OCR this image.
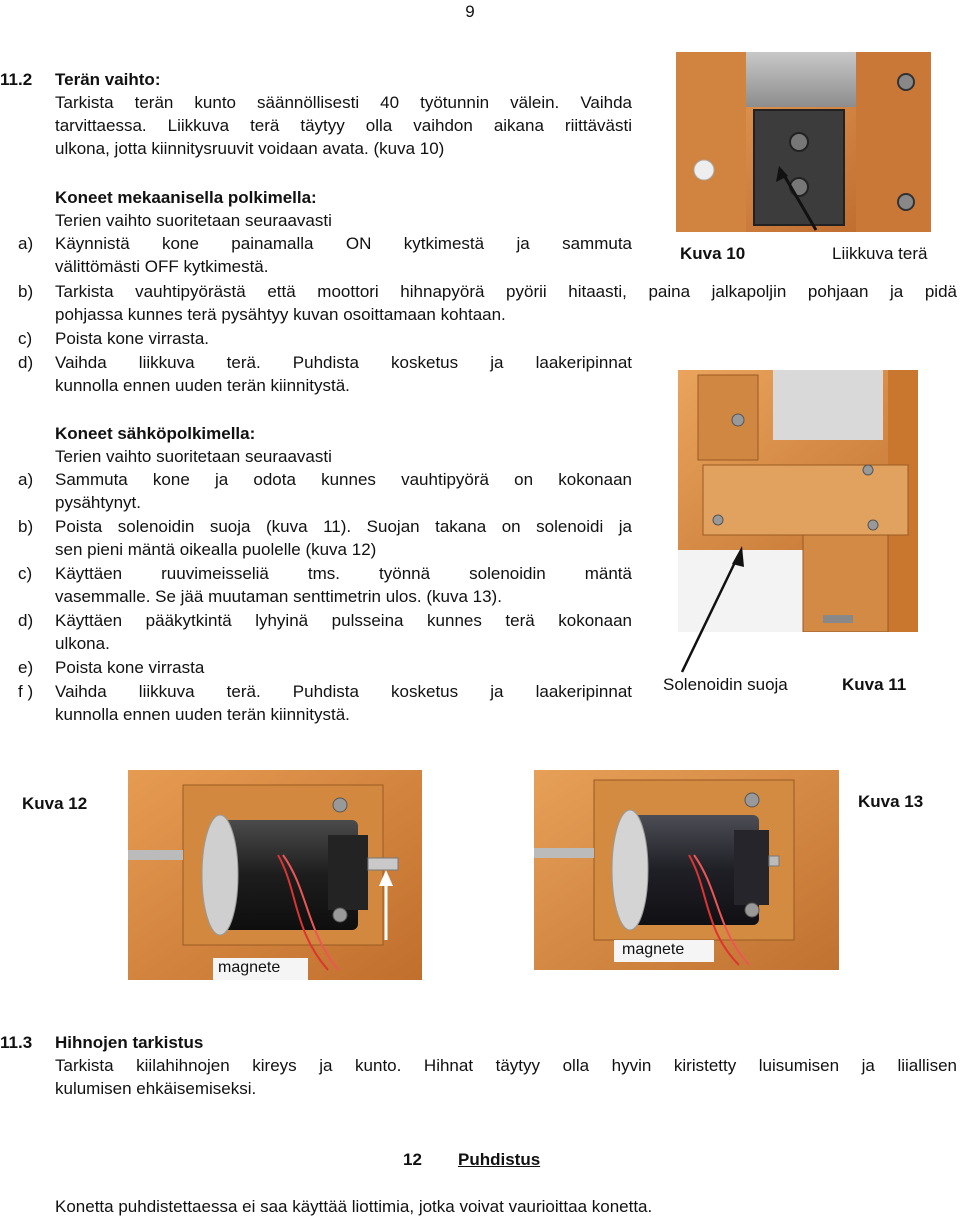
9
11.2 Terän vaihto:
Tarkista terän kunto säännöllisesti 40 työtunnin välein. Vaihda
tarvittaessa. Liikkuva terä täytyy olla vaihdon aikana riittävästi
ulkona, jotta kiinnitysruuvit voidaan avata. (kuva 10)
Koneet mekaanisella polkimella:
Terien vaihto suoritetaan seuraavasti
a) Käynnistä kone painamalla ON kytkimestä ja sammuta
välittömästi OFF kytkimestä.
b) Tarkista vauhtipyörästä että moottori hihnapyörä pyörii hitaasti, paina jalkapoljin pohjaan ja pidä
pohjassa kunnes terä pysähtyy kuvan osoittamaan kohtaan.
c) Poista kone virrasta.
d) Vaihda liikkuva terä. Puhdista kosketus ja laakeripinnat
kunnolla ennen uuden terän kiinnitystä.
Koneet sähköpolkimella:
Terien vaihto suoritetaan seuraavasti
a) Sammuta kone ja odota kunnes vauhtipyörä on kokonaan
pysähtynyt.
b) Poista solenoidin suoja (kuva 11). Suojan takana on solenoidi ja
sen pieni mäntä oikealla puolelle (kuva 12)
c) Käyttäen ruuvimeisseliä tms. työnnä solenoidin mäntä
vasemmalle. Se jää muutaman senttimetrin ulos. (kuva 13).
d) Käyttäen pääkytkintä lyhyinä pulsseina kunnes terä kokonaan
ulkona.
e) Poista kone virrasta
f ) Vaihda liikkuva terä. Puhdista kosketus ja laakeripinnat
kunnolla ennen uuden terän kiinnitystä.
Kuva 10	Liikkuva terä
Solenoidin suoja	Kuva 11
Kuva 12
magnete
magnete
Kuva 13
11.3 Hihnojen tarkistus
Tarkista kiilahihnojen kireys ja kunto. Hihnat täytyy olla hyvin kiristetty luisumisen ja liiallisen
kulumisen ehkäisemiseksi.
12 Puhdistus
Konetta puhdistettaessa ei saa käyttää liottimia, jotka voivat vaurioittaa konetta.
